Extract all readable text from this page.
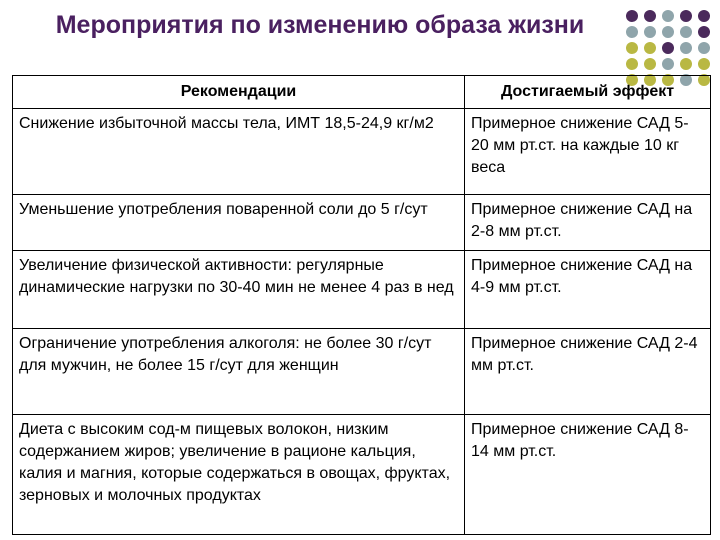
Мероприятия по изменению образа жизни
Рекомендации	Достигаемый эффект
Снижение избыточной массы тела, ИМТ 18,5-24,9 кг/м2	Примерное снижение САД 5-20 мм рт.ст. на каждые 10 кг веса
Уменьшение употребления поваренной соли до 5 г/сут	Примерное снижение САД на 2-8 мм рт.ст.
Увеличение физической активности: регулярные динамические нагрузки по 30-40 мин не менее 4 раз в нед	Примерное снижение САД на 4-9 мм рт.ст.
Ограничение употребления алкоголя: не более 30 г/сут для мужчин, не более 15 г/сут для женщин	Примерное снижение САД 2-4 мм рт.ст.
Диета с высоким сод-м пищевых волокон, низким содержанием жиров; увеличение в рационе кальция, калия и магния, которые содержаться в овощах, фруктах, зерновых и молочных продуктах	Примерное снижение САД 8-14 мм рт.ст.
